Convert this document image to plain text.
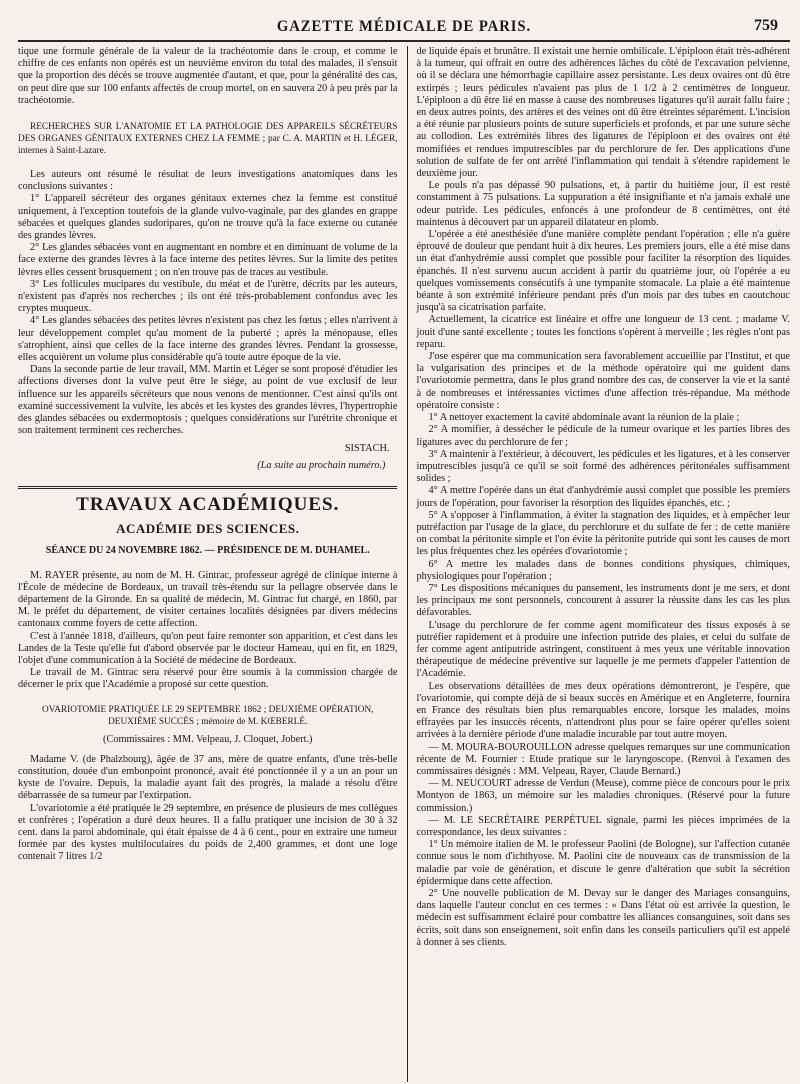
GAZETTE MÉDICALE DE PARIS.	759

tique une formule générale de la valeur de la trachéotomie dans le croup, et comme le chiffre de ces enfants non opérés est un neuvième environ du total des malades, il s'ensuit que la proportion des décès se trouve augmentée d'autant, et que, pour la généralité des cas, on peut dire que sur 100 enfants affectés de croup mortel, on en sauvera 20 à peu près par la trachéotomie.

RECHERCHES SUR L'ANATOMIE ET LA PATHOLOGIE DES APPAREILS SÉCRÉTEURS DES ORGANES GÉNITAUX EXTERNES CHEZ LA FEMME ; par C. A. MARTIN et H. LÉGER, internes à Saint-Lazare.

Les auteurs ont résumé le résultat de leurs investigations anatomiques dans les conclusions suivantes :

1° L'appareil sécréteur des organes génitaux externes chez la femme est constitué uniquement, à l'exception toutefois de la glande vulvo-vaginale, par des glandes en grappe sébacées et quelques glandes sudoripares, qu'on ne trouve qu'à la face externe ou cutanée des grandes lèvres.

2° Les glandes sébacées vont en augmentant en nombre et en diminuant de volume de la face externe des grandes lèvres à la face interne des petites lèvres. Sur la limite des petites lèvres elles cessent brusquement ; on n'en trouve pas de traces au vestibule.

3° Les follicules mucipares du vestibule, du méat et de l'urètre, décrits par les auteurs, n'existent pas d'après nos recherches ; ils ont été très-probablement confondus avec les cryptes muqueux.

4° Les glandes sébacées des petites lèvres n'existent pas chez les fœtus ; elles n'arrivent à leur développement complet qu'au moment de la puberté ; après la ménopause, elles s'atrophient, ainsi que celles de la face interne des grandes lèvres. Pendant la grossesse, elles acquièrent un volume plus considérable qu'à toute autre époque de la vie.

Dans la seconde partie de leur travail, MM. Martin et Léger se sont proposé d'étudier les affections diverses dont la vulve peut être le siége, au point de vue exclusif de leur influence sur les appareils sécréteurs que nous venons de mentionner. C'est ainsi qu'ils ont examiné successivement la vulvite, les abcès et les kystes des grandes lèvres, l'hypertrophie des glandes sébacées ou exdermoptosis ; quelques considérations sur l'urétrite chronique et son traitement terminent ces recherches.

SISTACH.
(La suite au prochain numéro.)
TRAVAUX ACADÉMIQUES.
ACADÉMIE DES SCIENCES.
SÉANCE DU 24 NOVEMBRE 1862. — PRÉSIDENCE DE M. DUHAMEL.

M. RAYER présente, au nom de M. H. Gintrac, professeur agrégé de clinique interne à l'École de médecine de Bordeaux, un travail très-étendu sur la pellagre observée dans le département de la Gironde. En sa qualité de médecin, M. Gintrac fut chargé, en 1860, par M. le préfet du département, de visiter certaines localités désignées par divers médecins cantonaux comme foyers de cette affection.

C'est à l'année 1818, d'ailleurs, qu'on peut faire remonter son apparition, et c'est dans les Landes de la Teste qu'elle fut d'abord observée par le docteur Hameau, qui en fit, en 1829, l'objet d'une communication à la Société de médecine de Bordeaux.

Le travail de M. Gintrac sera réservé pour être soumis à la commission chargée de décerner le prix que l'Académie a proposé sur cette question.

OVARIOTOMIE PRATIQUÉE LE 29 SEPTEMBRE 1862 ; DEUXIÈME OPÉRATION, DEUXIÈME SUCCÈS ; mémoire de M. KŒBERLÉ.

(Commissaires : MM. Velpeau, J. Cloquet, Jobert.)

Madame V. (de Phalzbourg), âgée de 37 ans, mère de quatre enfants, d'une très-belle constitution, douée d'un embonpoint prononcé, avait été ponctionnée il y a un an pour un kyste de l'ovaire. Depuis, la maladie ayant fait des progrès, la malade a résolu d'être débarrassée de sa tumeur par l'extirpation.

L'ovariotomie a été pratiquée le 29 septembre, en présence de plusieurs de mes collègues et confrères ; l'opération a duré deux heures. Il a fallu pratiquer une incision de 30 à 32 cent. dans la paroi abdominale, qui était épaisse de 4 à 6 cent., pour en extraire une tumeur formée par des kystes multiloculaires du poids de 2,400 grammes, et dont une loge contenait 7 litres 1/2

de liquide épais et brunâtre. Il existait une hernie ombilicale. L'épiploon était très-adhérent à la tumeur, qui offrait en outre des adhérences lâches du côté de l'excavation pelvienne, où il se déclara une hémorrhagie capillaire assez persistante. Les deux ovaires ont dû être extirpés ; leurs pédicules n'avaient pas plus de 1 1/2 à 2 centimètres de longueur. L'épiploon a dû être lié en masse à cause des nombreuses ligatures qu'il aurait fallu faire ; en deux autres points, des artères et des veines ont dû être étreintes séparément. L'incision a été réunie par plusieurs points de suture superficiels et profonds, et par une suture sèche au collodion. Les extrémités libres des ligatures de l'épiploon et des ovaires ont été momifiées et rendues imputrescibles par du perchlorure de fer. Des applications d'une solution de sulfate de fer ont arrêté l'inflammation qui tendait à s'étendre rapidement le deuxième jour.

Le pouls n'a pas dépassé 90 pulsations, et, à partir du huitième jour, il est resté constamment à 75 pulsations. La suppuration a été insignifiante et n'a jamais exhalé une odeur putride. Les pédicules, enfoncés à une profondeur de 8 centimètres, ont été maintenus à découvert par un appareil dilatateur en plomb.

L'opérée a été anesthésiée d'une manière complète pendant l'opération ; elle n'a guère éprouvé de douleur que pendant huit à dix heures. Les premiers jours, elle a été mise dans un état d'anhydrémie aussi complet que possible pour faciliter la résorption des liquides épanchés. Il n'est survenu aucun accident à partir du quatrième jour, où l'opérée a eu quelques vomissements consécutifs à une tympanite stomacale. La plaie a été maintenue béante à son extrémité inférieure pendant près d'un mois par des tubes en caoutchouc jusqu'à sa cicatrisation parfaite.

Actuellement, la cicatrice est linéaire et offre une longueur de 13 cent. ; madame V. jouit d'une santé excellente ; toutes les fonctions s'opèrent à merveille ; les règles n'ont pas reparu.

J'ose espérer que ma communication sera favorablement accueillie par l'Institut, et que la vulgarisation des principes et de la méthode opératoire qui me guident dans l'ovariotomie permettra, dans le plus grand nombre des cas, de conserver la vie et la santé à de nombreuses et intéressantes victimes d'une affection très-répandue. Ma méthode opératoire consiste :

1° A nettoyer exactement la cavité abdominale avant la réunion de la plaie ;

2° A momifier, à dessécher le pédicule de la tumeur ovarique et les parties libres des ligatures avec du perchlorure de fer ;

3° A maintenir à l'extérieur, à découvert, les pédicules et les ligatures, et à les conserver imputrescibles jusqu'à ce qu'il se soit formé des adhérences péritonéales suffisamment solides ;

4° A mettre l'opérée dans un état d'anhydrémie aussi complet que possible les premiers jours de l'opération, pour favoriser la résorption des liquides épanchés, etc. ;

5° A s'opposer à l'inflammation, à éviter la stagnation des liquides, et à empêcher leur putréfaction par l'usage de la glace, du perchlorure et du sulfate de fer : de cette manière on combat la péritonite simple et l'on évite la péritonite putride qui sont les causes de mort les plus fréquentes chez les opérées d'ovariotomie ;

6° A mettre les malades dans de bonnes conditions physiques, chimiques, physiologiques pour l'opération ;

7° Les dispositions mécaniques du pansement, les instruments dont je me sers, et dont les principaux me sont personnels, concourent à assurer la réussite dans les cas les plus défavorables.

L'usage du perchlorure de fer comme agent momificateur des tissus exposés à se putréfier rapidement et à produire une infection putride des plaies, et celui du sulfate de fer comme agent antiputride astringent, constituent à mes yeux une véritable innovation thérapeutique de médecine préventive sur laquelle je me permets d'appeler l'attention de l'Académie.

Les observations détaillées de mes deux opérations démontreront, je l'espère, que l'ovariotomie, qui compte déjà de si beaux succès en Amérique et en Angleterre, fournira en France des résultats bien plus remarquables encore, lorsque les malades, moins effrayées par les insuccès récents, n'attendront plus pour se faire opérer qu'elles soient arrivées à la dernière période d'une maladie incurable par tout autre moyen.

— M. MOURA-BOUROUILLON adresse quelques remarques sur une communication récente de M. Fournier : Etude pratique sur le laryngoscope. (Renvoi à l'examen des commissaires désignés : MM. Velpeau, Rayer, Claude Bernard.)

— M. NEUCOURT adresse de Verdun (Meuse), comme pièce de concours pour le prix Montyon de 1863, un mémoire sur les maladies chroniques. (Réservé pour la future commission.)

— M. LE SECRÉTAIRE PERPÉTUEL signale, parmi les pièces imprimées de la correspondance, les deux suivantes :

1° Un mémoire italien de M. le professeur Paolini (de Bologne), sur l'affection cutanée connue sous le nom d'ichthyose. M. Paolini cite de nouveaux cas de transmission de la maladie par voie de génération, et discute le genre d'altération que subit la sécrétion épidermique dans cette affection.

2° Une nouvelle publication de M. Devay sur le danger des Mariages consanguins, dans laquelle l'auteur conclut en ces termes : « Dans l'état où est arrivée la question, le médecin est suffisamment éclairé pour combattre les alliances consanguines, soit dans ses écrits, soit dans son enseignement, soit enfin dans les conseils particuliers qu'il est appelé à donner à ses clients.
